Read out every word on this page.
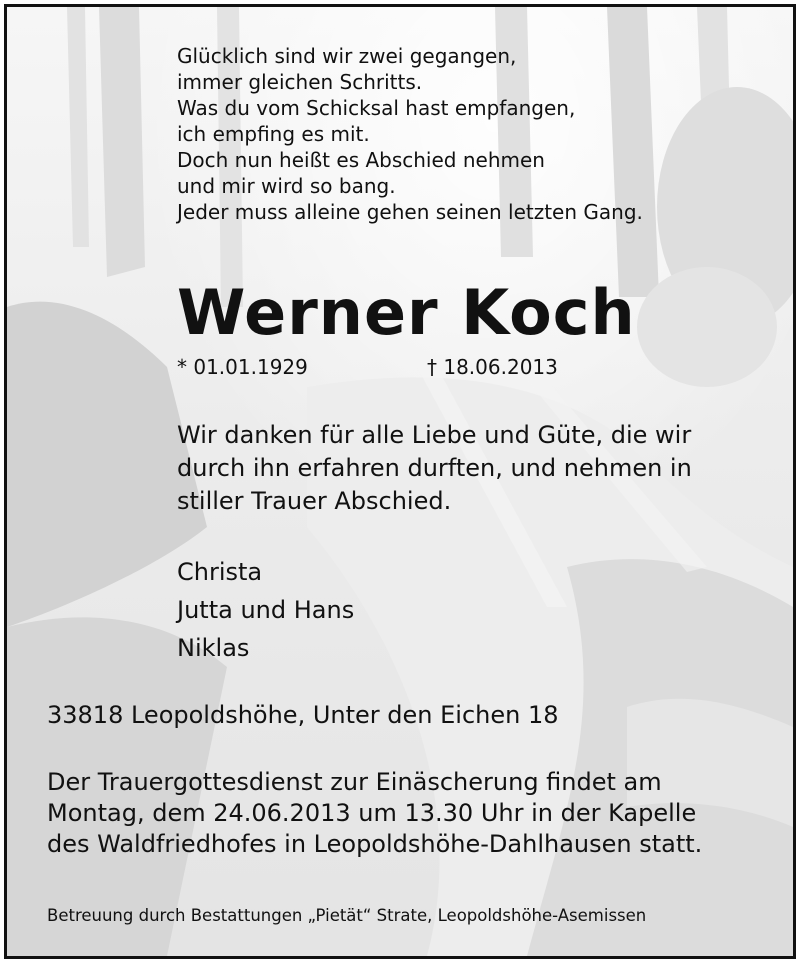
Glücklich sind wir zwei gegangen,
immer gleichen Schritts.
Was du vom Schicksal hast empfangen,
ich empfing es mit.
Doch nun heißt es Abschied nehmen
und mir wird so bang.
Jeder muss alleine gehen seinen letzten Gang.
Werner Koch
* 01.01.1929	† 18.06.2013
Wir danken für alle Liebe und Güte, die wir
durch ihn erfahren durften, und nehmen in
stiller Trauer Abschied.
Christa
Jutta und Hans
Niklas
33818 Leopoldshöhe, Unter den Eichen 18
Der Trauergottesdienst zur Einäscherung findet am
Montag, dem 24.06.2013 um 13.30 Uhr in der Kapelle
des Waldfriedhofes in Leopoldshöhe-Dahlhausen statt.
Betreuung durch Bestattungen „Pietät“ Strate, Leopoldshöhe-Asemissen
